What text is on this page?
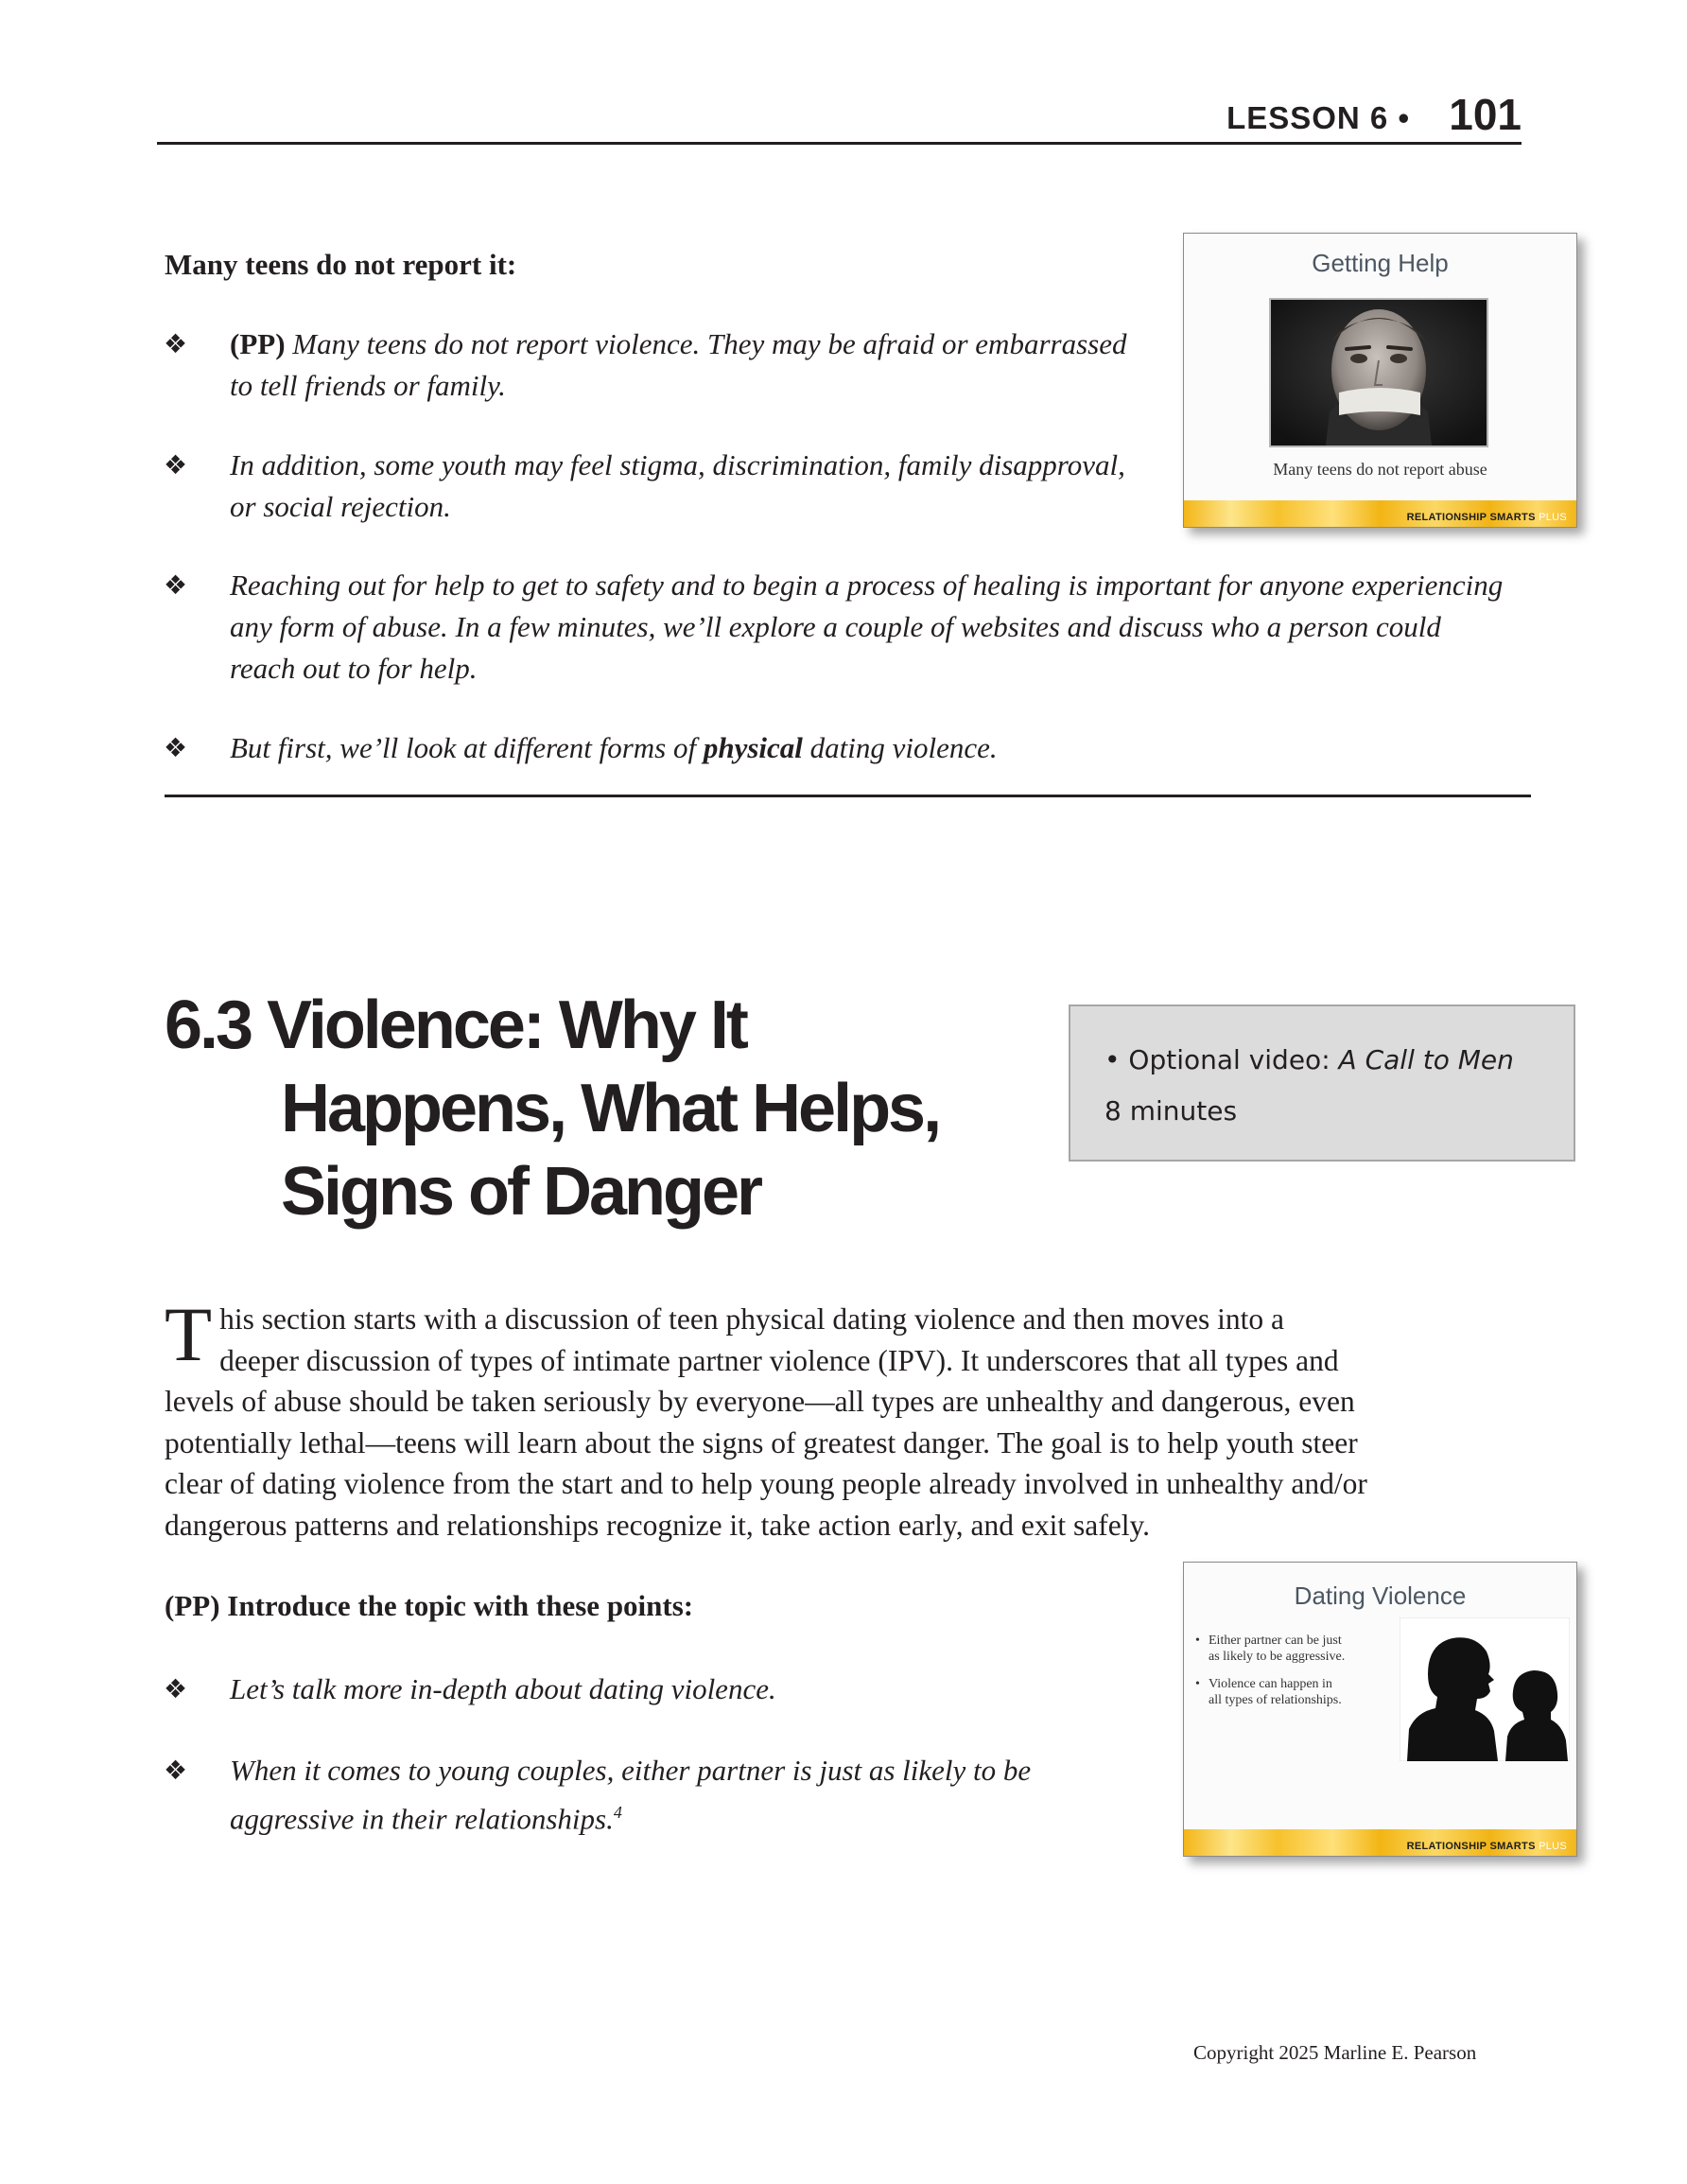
LESSON 6 • 101
Many teens do not report it:
❖ (PP) Many teens do not report violence. They may be afraid or embarrassed
to tell friends or family.
❖ In addition, some youth may feel stigma, discrimination, family disapproval,
or social rejection.
❖ Reaching out for help to get to safety and to begin a process of healing is important for anyone experiencing
any form of abuse. In a few minutes, we’ll explore a couple of websites and discuss who a person could
reach out to for help.
❖ But first, we’ll look at different forms of physical dating violence.
Getting Help
Many teens do not report abuse
RELATIONSHIP SMARTS PLUS
6.3 Violence: Why It
Happens, What Helps,
Signs of Danger
• Optional video: A Call to Men
8 minutes
T his section starts with a discussion of teen physical dating violence and then moves into a
deeper discussion of types of intimate partner violence (IPV). It underscores that all types and
levels of abuse should be taken seriously by everyone—all types are unhealthy and dangerous, even
potentially lethal—teens will learn about the signs of greatest danger. The goal is to help youth steer
clear of dating violence from the start and to help young people already involved in unhealthy and/or
dangerous patterns and relationships recognize it, take action early, and exit safely.
(PP) Introduce the topic with these points:
❖ Let’s talk more in-depth about dating violence.
❖ When it comes to young couples, either partner is just as likely to be
aggressive in their relationships.$^4$
Dating Violence
• Either partner can be just
as likely to be aggressive.
• Violence can happen in
all types of relationships.
RELATIONSHIP SMARTS PLUS
Copyright 2025 Marline E. Pearson
